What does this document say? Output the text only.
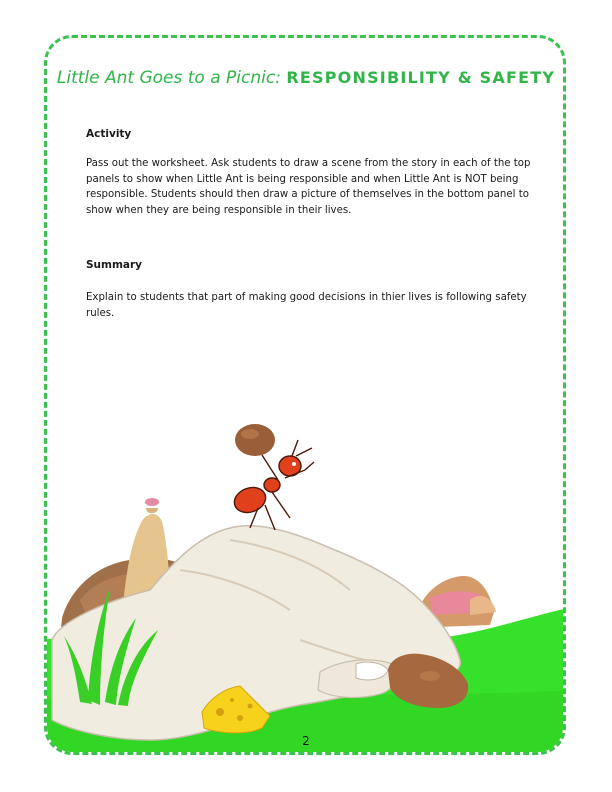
Little Ant Goes to a Picnic: RESPONSIBILITY & SAFETY
Activity
Pass out the worksheet. Ask students to draw a scene from the story in each of the top panels to show when Little Ant is being responsible and when Little Ant is NOT being responsible. Students should then draw a picture of themselves in the bottom panel to show when they are being responsible in their lives.
Summary
Explain to students that part of making good decisions in thier lives is following safety rules.
2
